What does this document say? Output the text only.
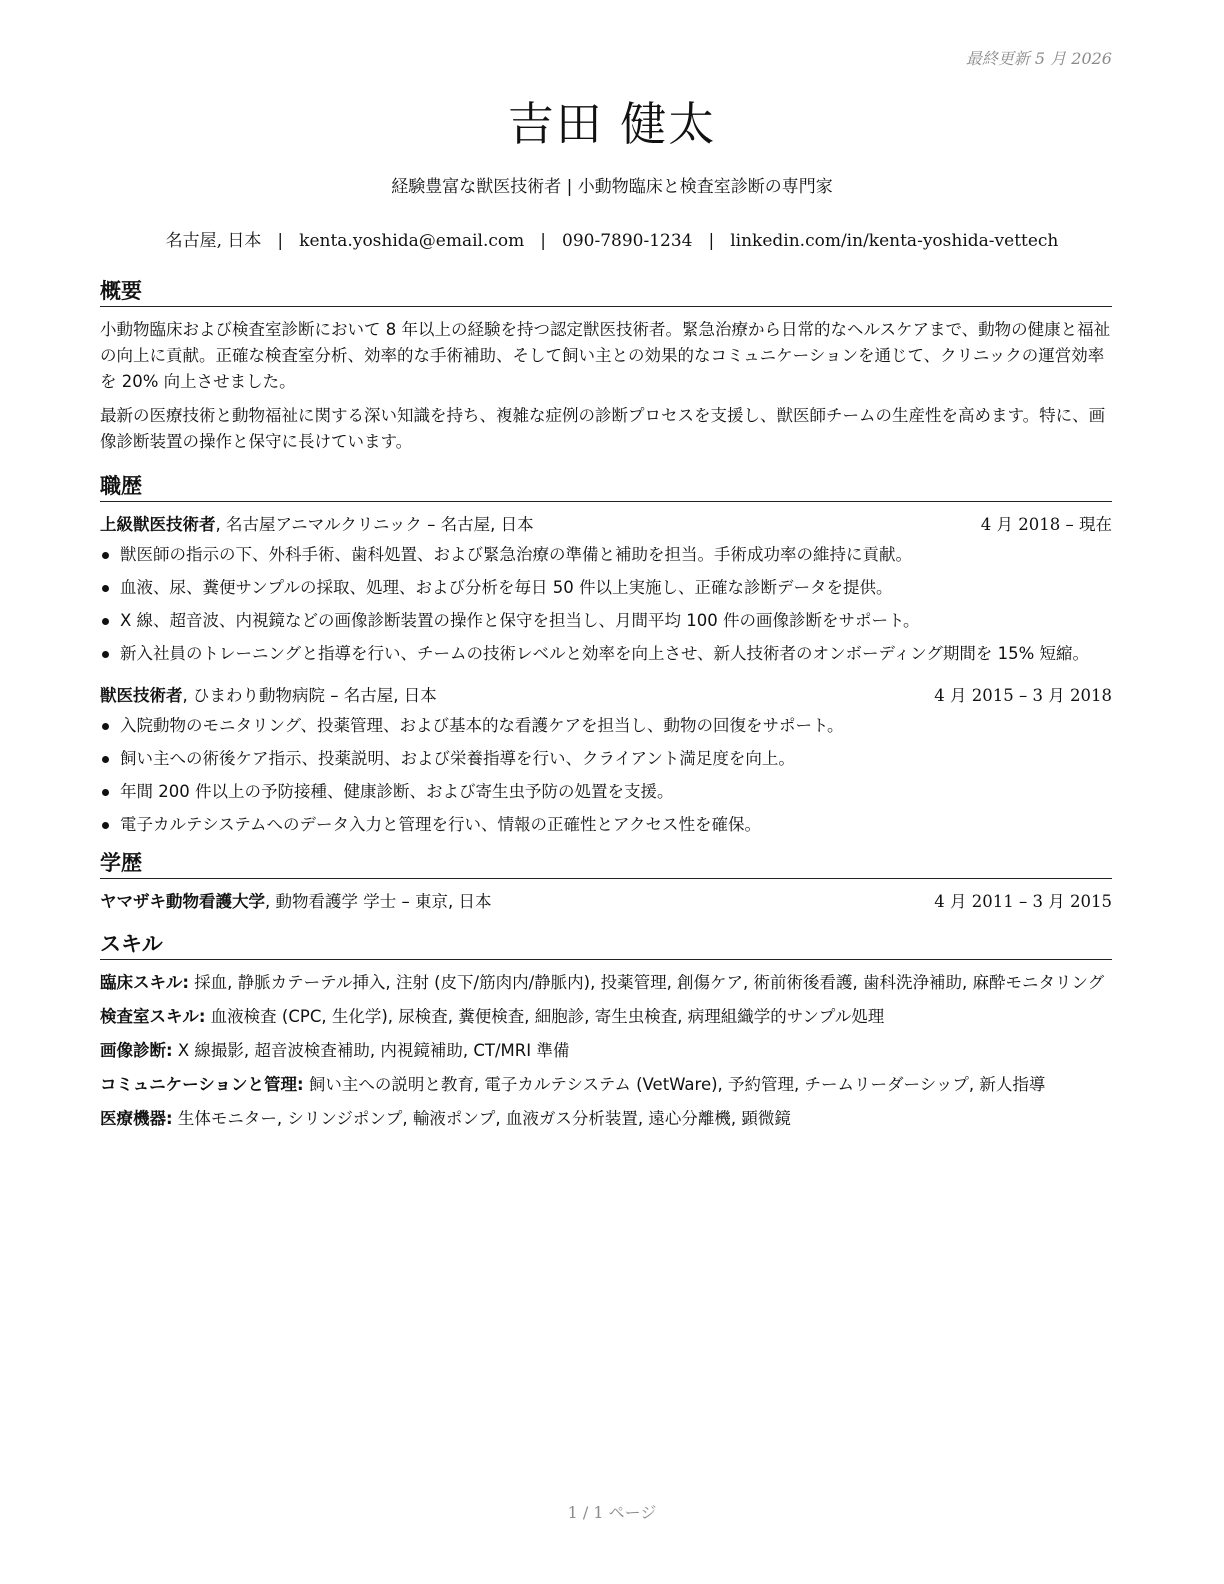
最終更新 5 月 2026
吉田 健太
経験豊富な獣医技術者 | 小動物臨床と検査室診断の専門家
名古屋, 日本 | kenta.yoshida@email.com | 090-7890-1234 | linkedin.com/in/kenta-yoshida-vettech
概要

小動物臨床および検査室診断において 8 年以上の経験を持つ認定獣医技術者。緊急治療から日常的なヘルスケアまで、動物の健康と福祉の向上に貢献。正確な検査室分析、効率的な手術補助、そして飼い主との効果的なコミュニケーションを通じて、クリニックの運営効率を 20% 向上させました。

最新の医療技術と動物福祉に関する深い知識を持ち、複雑な症例の診断プロセスを支援し、獣医師チームの生産性を高めます。特に、画像診断装置の操作と保守に長けています。

職歴
上級獣医技術者, 名古屋アニマルクリニック – 名古屋, 日本	4 月 2018 – 現在
獣医師の指示の下、外科手術、歯科処置、および緊急治療の準備と補助を担当。手術成功率の維持に貢献。
血液、尿、糞便サンプルの採取、処理、および分析を毎日 50 件以上実施し、正確な診断データを提供。
X 線、超音波、内視鏡などの画像診断装置の操作と保守を担当し、月間平均 100 件の画像診断をサポート。
新入社員のトレーニングと指導を行い、チームの技術レベルと効率を向上させ、新人技術者のオンボーディング期間を 15% 短縮。
獣医技術者, ひまわり動物病院 – 名古屋, 日本	4 月 2015 – 3 月 2018
入院動物のモニタリング、投薬管理、および基本的な看護ケアを担当し、動物の回復をサポート。
飼い主への術後ケア指示、投薬説明、および栄養指導を行い、クライアント満足度を向上。
年間 200 件以上の予防接種、健康診断、および寄生虫予防の処置を支援。
電子カルテシステムへのデータ入力と管理を行い、情報の正確性とアクセス性を確保。
学歴
ヤマザキ動物看護大学, 動物看護学 学士 – 東京, 日本	4 月 2011 – 3 月 2015
スキル
臨床スキル: 採血, 静脈カテーテル挿入, 注射 (皮下/筋肉内/静脈内), 投薬管理, 創傷ケア, 術前術後看護, 歯科洗浄補助, 麻酔モニタリング
検査室スキル: 血液検査 (CPC, 生化学), 尿検査, 糞便検査, 細胞診, 寄生虫検査, 病理組織学的サンプル処理
画像診断: X 線撮影, 超音波検査補助, 内視鏡補助, CT/MRI 準備
コミュニケーションと管理: 飼い主への説明と教育, 電子カルテシステム (VetWare), 予約管理, チームリーダーシップ, 新人指導
医療機器: 生体モニター, シリンジポンプ, 輸液ポンプ, 血液ガス分析装置, 遠心分離機, 顕微鏡
1 / 1 ページ
